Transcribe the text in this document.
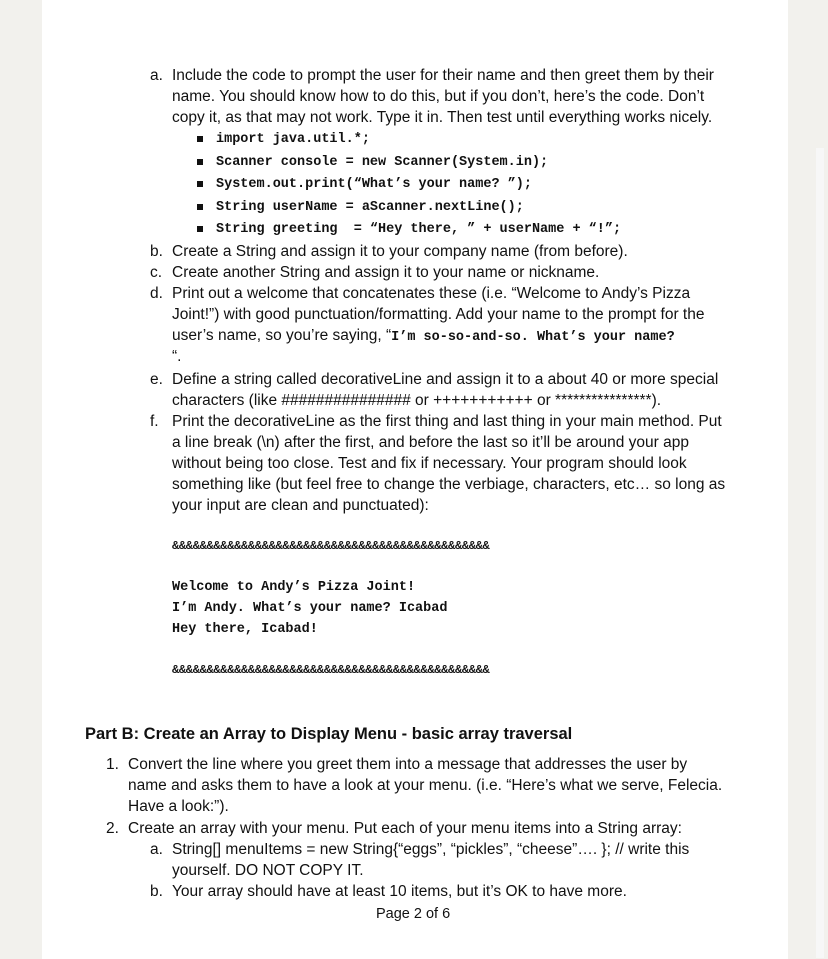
a. Include the code to prompt the user for their name and then greet them by their
name. You should know how to do this, but if you don’t, here’s the code. Don’t
copy it, as that may not work. Type it in. Then test until everything works nicely.
import java.util.*;
Scanner console = new Scanner(System.in);
System.out.print(“What’s your name? ”);
String userName = aScanner.nextLine();
String greeting  = “Hey there, ” + userName + “!”;
b. Create a String and assign it to your company name (from before).
c. Create another String and assign it to your name or nickname.
d. Print out a welcome that concatenates these (i.e. “Welcome to Andy’s Pizza
Joint!”) with good punctuation/formatting. Add your name to the prompt for the
user’s name, so you’re saying, “I’m so-so-and-so. What’s your name?
“.
e. Define a string called decorativeLine and assign it to a about 40 or more special
characters (like ############### or +++++++++++ or ****************).
f. Print the decorativeLine as the first thing and last thing in your main method. Put
a line break (\n) after the first, and before the last so it’ll be around your app
without being too close. Test and fix if necessary. Your program should look
something like (but feel free to change the verbiage, characters, etc… so long as
your input are clean and punctuated):
&&&&&&&&&&&&&&&&&&&&&&&&&&&&&&&&&&&&&&&&&&&&&&
Welcome to Andy’s Pizza Joint!
I’m Andy. What’s your name? Icabad
Hey there, Icabad!
&&&&&&&&&&&&&&&&&&&&&&&&&&&&&&&&&&&&&&&&&&&&&&
Part B: Create an Array to Display Menu - basic array traversal
1. Convert the line where you greet them into a message that addresses the user by
name and asks them to have a look at your menu. (i.e. “Here’s what we serve, Felecia.
Have a look:”).
2. Create an array with your menu. Put each of your menu items into a String array:
a. String[] menuItems = new String{“eggs”, “pickles”, “cheese”…. }; // write this
yourself. DO NOT COPY IT.
b. Your array should have at least 10 items, but it’s OK to have more.
Page 2 of 6
